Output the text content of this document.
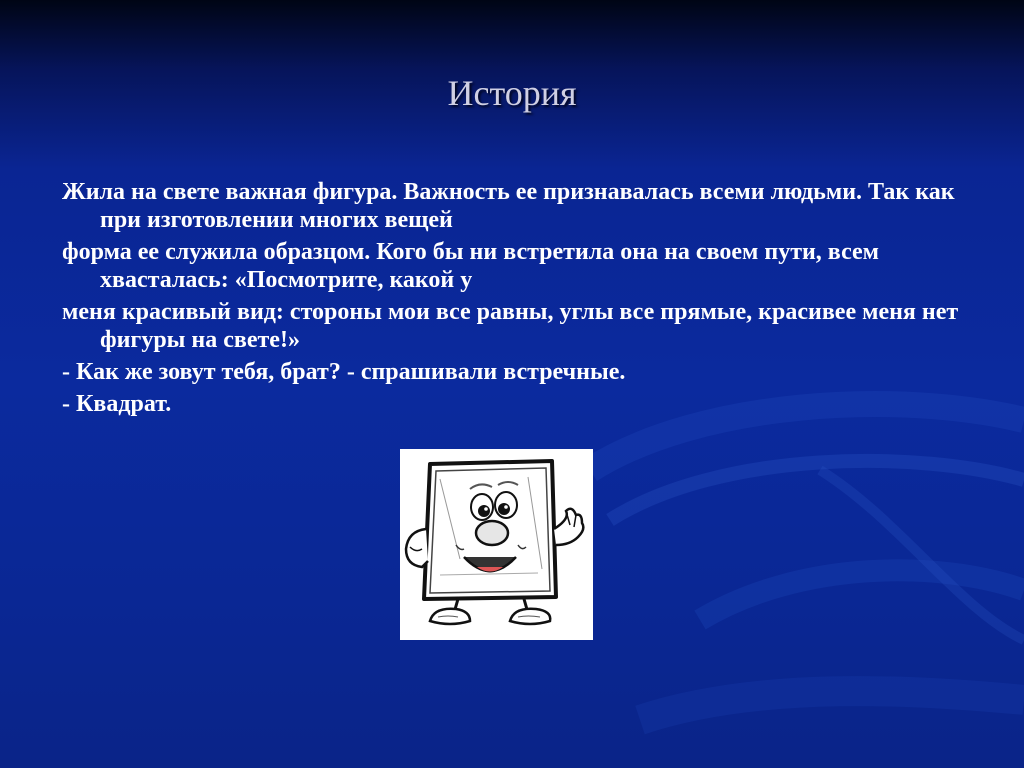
История

Жила на свете важная фигура. Важность ее признавалась всеми людьми. Так как при изготовлении многих вещей

форма ее служила образцом. Кого бы ни встретила она на своем пути, всем хвасталась: «Посмотрите, какой у

меня красивый вид: стороны мои все равны, углы все прямые, красивее меня нет фигуры на свете!»

- Как же зовут тебя, брат? - спрашивали встречные.

- Квадрат.
